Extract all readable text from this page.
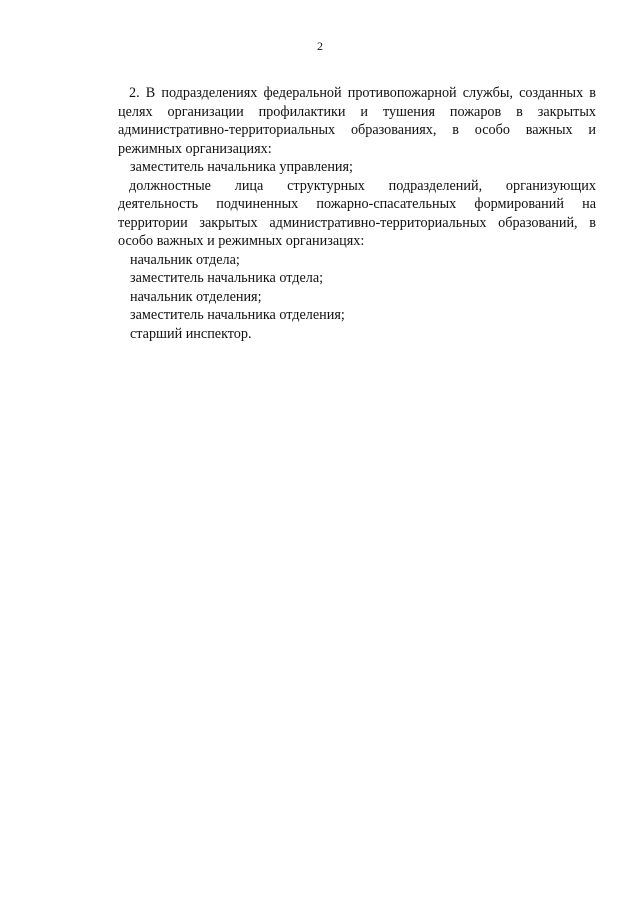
2

2. В подразделениях федеральной противопожарной службы, созданных в целях организации профилактики и тушения пожаров в закрытых административно-территориальных образованиях, в особо важных и режимных организациях:

заместитель начальника управления;

должностные лица структурных подразделений, организующих деятельность подчиненных пожарно-спасательных формирований на территории закрытых административно-территориальных образований, в особо важных и режимных организацях:

начальник отдела;

заместитель начальника отдела;

начальник отделения;

заместитель начальника отделения;

старший инспектор.
